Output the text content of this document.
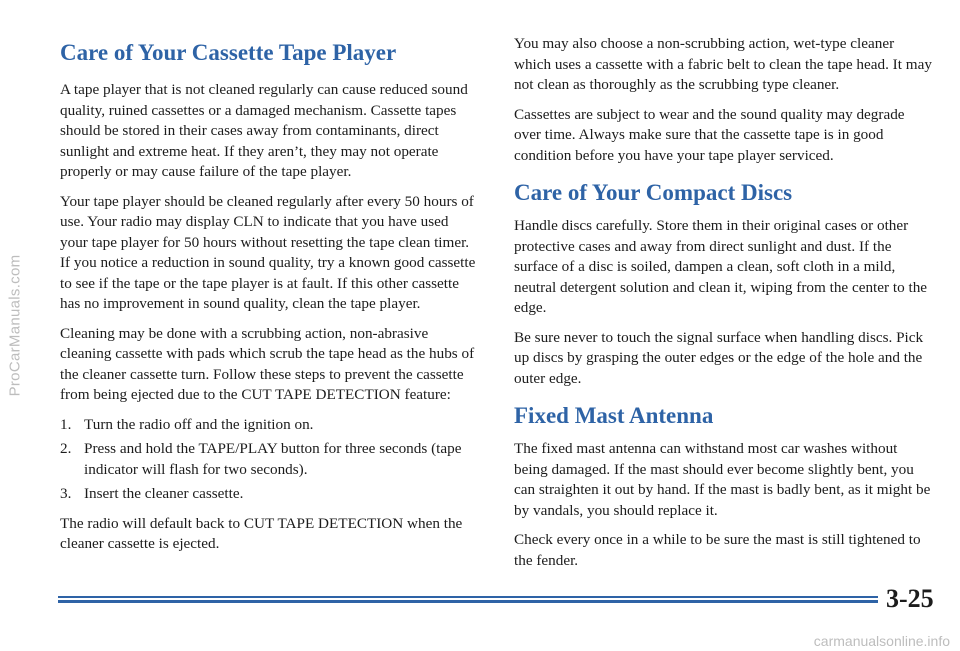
ProCarManuals.com
Care of Your Cassette Tape Player

A tape player that is not cleaned regularly can cause reduced sound quality, ruined cassettes or a damaged mechanism. Cassette tapes should be stored in their cases away from contaminants, direct sunlight and extreme heat. If they aren’t, they may not operate properly or may cause failure of the tape player.

Your tape player should be cleaned regularly after every 50 hours of use. Your radio may display CLN to indicate that you have used your tape player for 50 hours without resetting the tape clean timer. If you notice a reduction in sound quality, try a known good cassette to see if the tape or the tape player is at fault. If this other cassette has no improvement in sound quality, clean the tape player.

Cleaning may be done with a scrubbing action, non-abrasive cleaning cassette with pads which scrub the tape head as the hubs of the cleaner cassette turn. Follow these steps to prevent the cassette from being ejected due to the CUT TAPE DETECTION feature:

1. Turn the radio off and the ignition on.
2. Press and hold the TAPE/PLAY button for three seconds (tape indicator will flash for two seconds).
3. Insert the cleaner cassette.

The radio will default back to CUT TAPE DETECTION when the cleaner cassette is ejected.

You may also choose a non-scrubbing action, wet-type cleaner which uses a cassette with a fabric belt to clean the tape head. It may not clean as thoroughly as the scrubbing type cleaner.

Cassettes are subject to wear and the sound quality may degrade over time. Always make sure that the cassette tape is in good condition before you have your tape player serviced.

Care of Your Compact Discs

Handle discs carefully. Store them in their original cases or other protective cases and away from direct sunlight and dust. If the surface of a disc is soiled, dampen a clean, soft cloth in a mild, neutral detergent solution and clean it, wiping from the center to the edge.

Be sure never to touch the signal surface when handling discs. Pick up discs by grasping the outer edges or the edge of the hole and the outer edge.

Fixed Mast Antenna

The fixed mast antenna can withstand most car washes without being damaged. If the mast should ever become slightly bent, you can straighten it out by hand. If the mast is badly bent, as it might be by vandals, you should replace it.

Check every once in a while to be sure the mast is still tightened to the fender.

3-25
carmanualsonline.info
